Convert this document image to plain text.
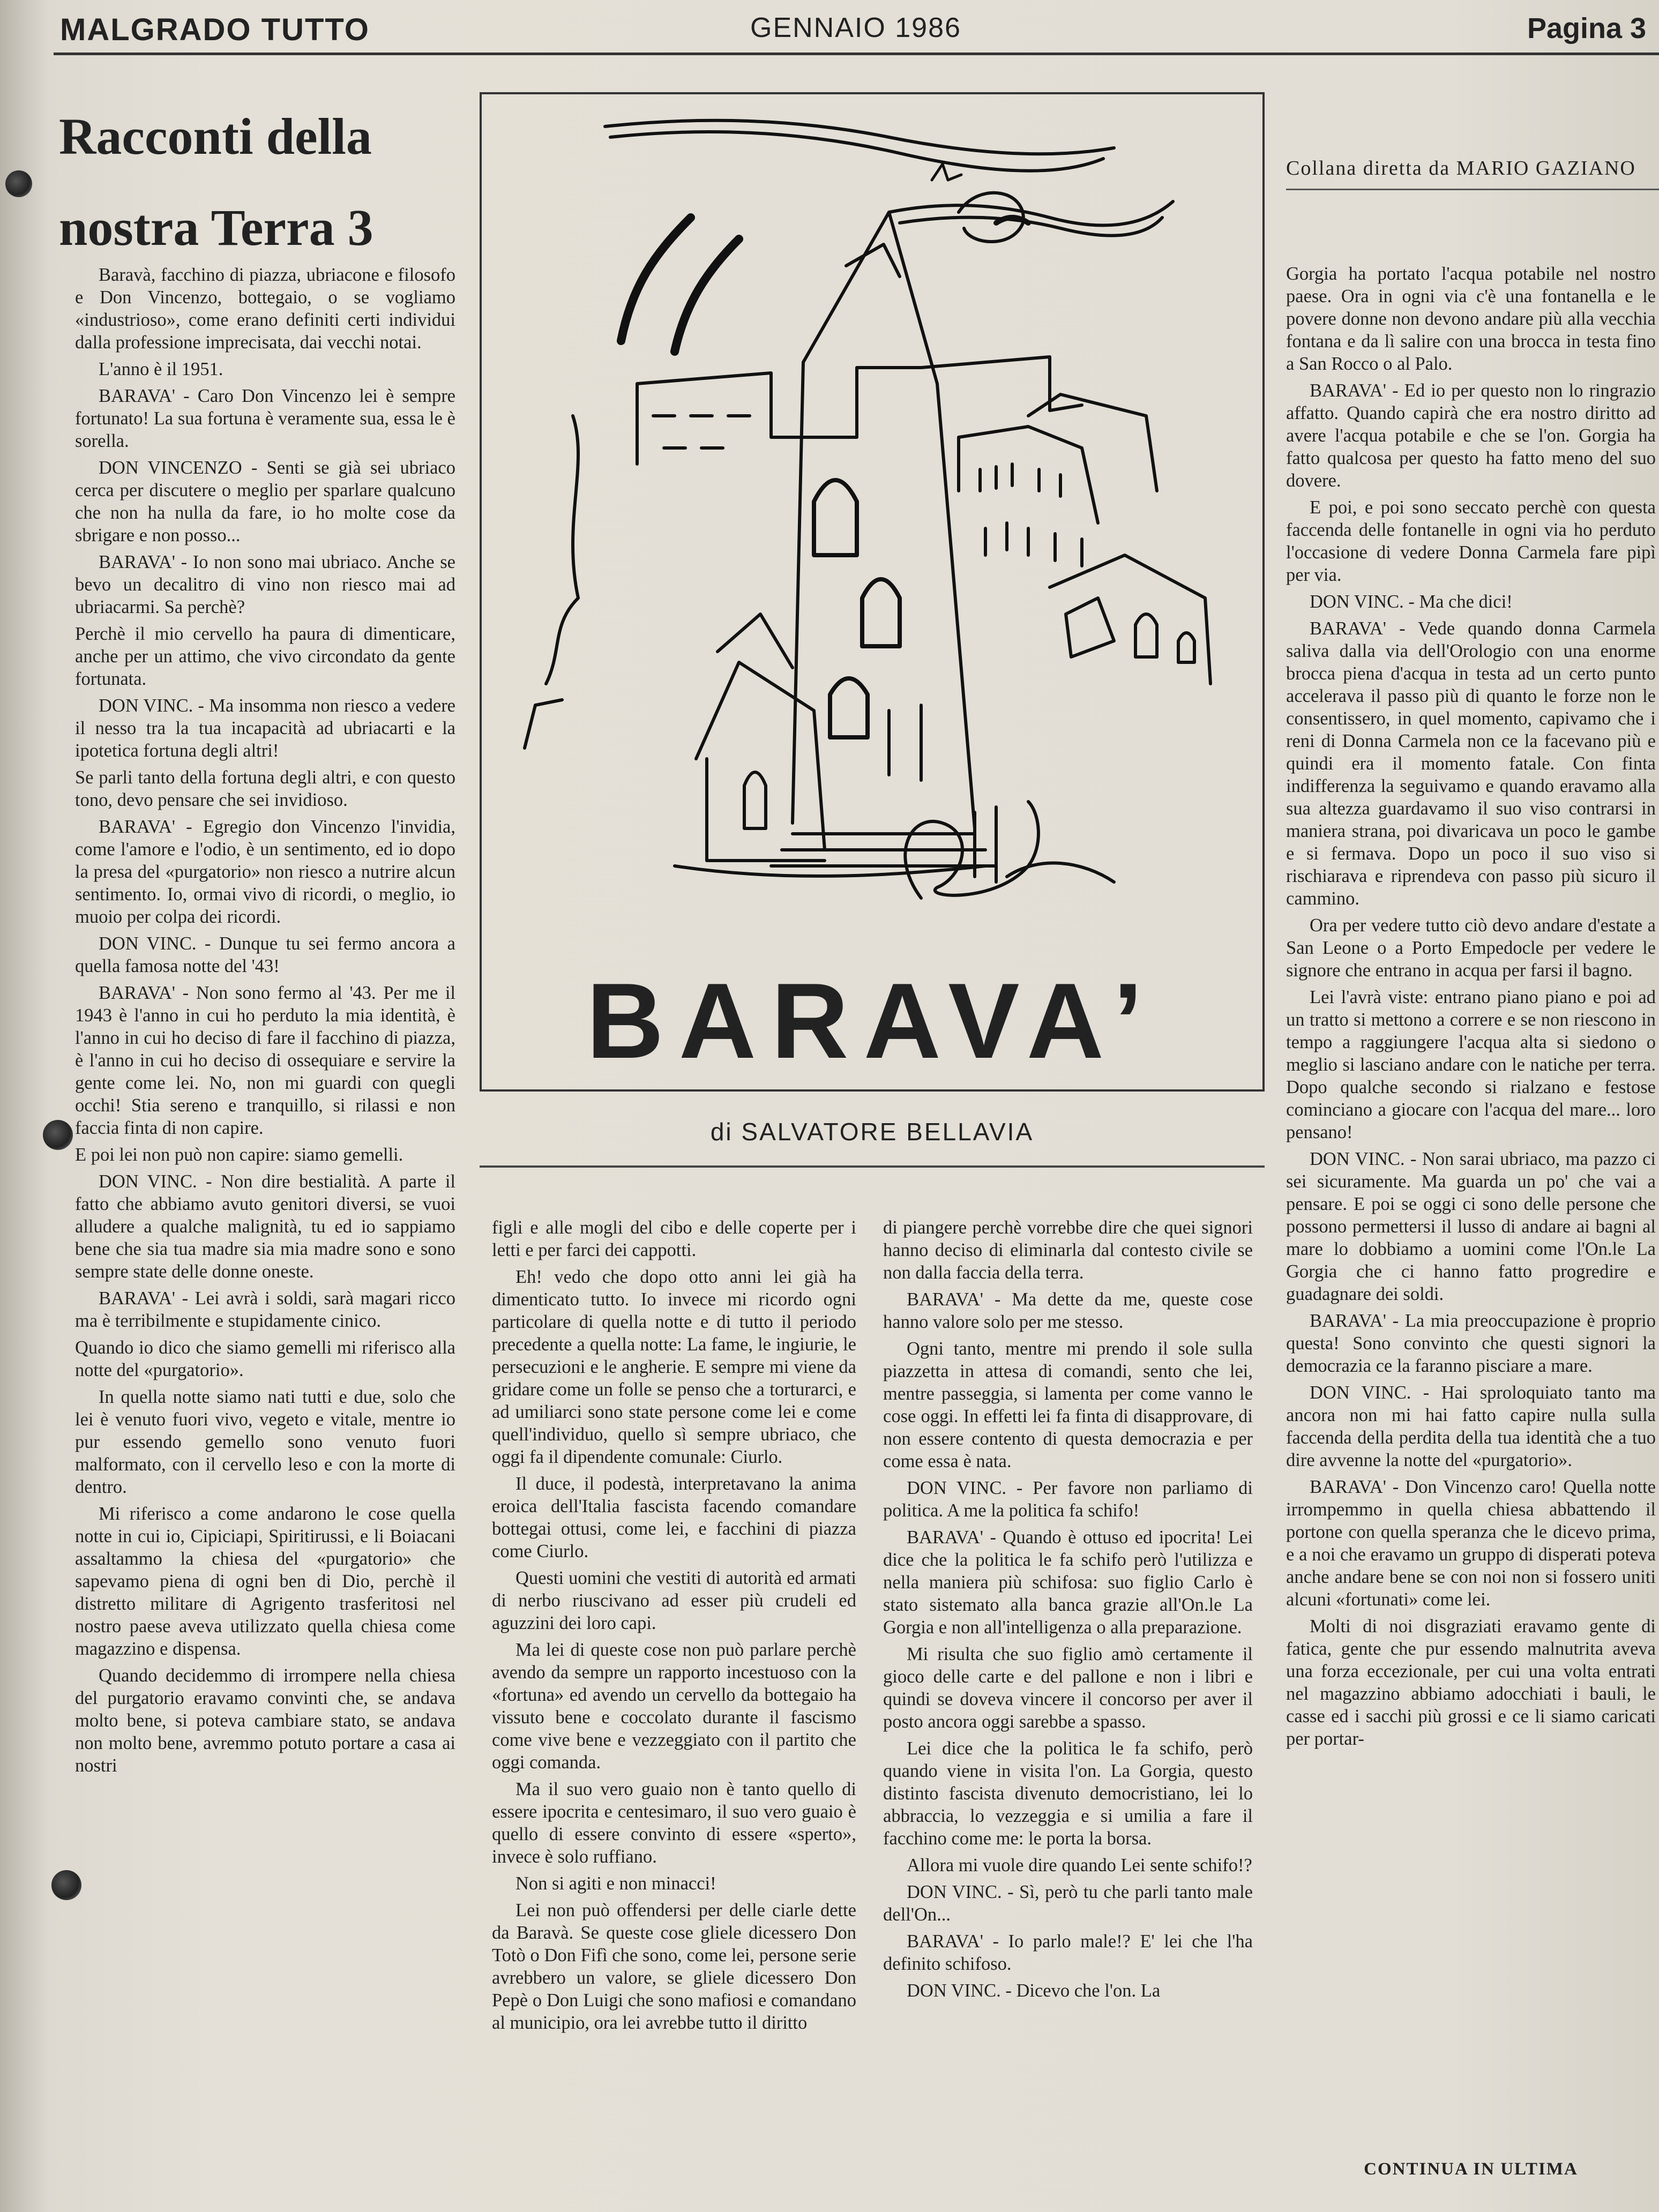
MALGRADO TUTTO	GENNAIO 1986	Pagina 3
Racconti della
nostra Terra 3

Baravà, facchino di piazza, ubriacone e filosofo e Don Vincenzo, bottegaio, o se vogliamo «industrioso», come erano definiti certi individui dalla professione imprecisata, dai vecchi notai.

L'anno è il 1951.

BARAVA' - Caro Don Vincenzo lei è sempre fortunato! La sua fortuna è veramente sua, essa le è sorella.

DON VINCENZO - Senti se già sei ubriaco cerca per discutere o meglio per sparlare qualcuno che non ha nulla da fare, io ho molte cose da sbrigare e non posso...

BARAVA' - Io non sono mai ubriaco. Anche se bevo un decalitro di vino non riesco mai ad ubriacarmi. Sa perchè?

Perchè il mio cervello ha paura di dimenticare, anche per un attimo, che vivo circondato da gente fortunata.

DON VINC. - Ma insomma non riesco a vedere il nesso tra la tua incapacità ad ubriacarti e la ipotetica fortuna degli altri!

Se parli tanto della fortuna degli altri, e con questo tono, devo pensare che sei invidioso.

BARAVA' - Egregio don Vincenzo l'invidia, come l'amore e l'odio, è un sentimento, ed io dopo la presa del «purgatorio» non riesco a nutrire alcun sentimento. Io, ormai vivo di ricordi, o meglio, io muoio per colpa dei ricordi.

DON VINC. - Dunque tu sei fermo ancora a quella famosa notte del '43!

BARAVA' - Non sono fermo al '43. Per me il 1943 è l'anno in cui ho perduto la mia identità, è l'anno in cui ho deciso di fare il facchino di piazza, è l'anno in cui ho deciso di ossequiare e servire la gente come lei. No, non mi guardi con quegli occhi! Stia sereno e tranquillo, si rilassi e non faccia finta di non capire.

E poi lei non può non capire: siamo gemelli.

DON VINC. - Non dire bestialità. A parte il fatto che abbiamo avuto genitori diversi, se vuoi alludere a qualche malignità, tu ed io sappiamo bene che sia tua madre sia mia madre sono e sono sempre state delle donne oneste.

BARAVA' - Lei avrà i soldi, sarà magari ricco ma è terribilmente e stupidamente cinico.

Quando io dico che siamo gemelli mi riferisco alla notte del «purgatorio».

In quella notte siamo nati tutti e due, solo che lei è venuto fuori vivo, vegeto e vitale, mentre io pur essendo gemello sono venuto fuori malformato, con il cervello leso e con la morte di dentro.

Mi riferisco a come andarono le cose quella notte in cui io, Cipiciapi, Spiritirussi, e li Boiacani assaltammo la chiesa del «purgatorio» che sapevamo piena di ogni ben di Dio, perchè il distretto militare di Agrigento trasferitosi nel nostro paese aveva utilizzato quella chiesa come magazzino e dispensa.

Quando decidemmo di irrompere nella chiesa del purgatorio eravamo convinti che, se andava molto bene, si poteva cambiare stato, se andava non molto bene, avremmo potuto portare a casa ai nostri

BARAVA’
di SALVATORE BELLAVIA

figli e alle mogli del cibo e delle coperte per i letti e per farci dei cappotti.

Eh! vedo che dopo otto anni lei già ha dimenticato tutto. Io invece mi ricordo ogni particolare di quella notte e di tutto il periodo precedente a quella notte: La fame, le ingiurie, le persecuzioni e le angherie. E sempre mi viene da gridare come un folle se penso che a torturarci, e ad umiliarci sono state persone come lei e come quell'individuo, quello sì sempre ubriaco, che oggi fa il dipendente comunale: Ciurlo.

Il duce, il podestà, interpretavano la anima eroica dell'Italia fascista facendo comandare bottegai ottusi, come lei, e facchini di piazza come Ciurlo.

Questi uomini che vestiti di autorità ed armati di nerbo riuscivano ad esser più crudeli ed aguzzini dei loro capi.

Ma lei di queste cose non può parlare perchè avendo da sempre un rapporto incestuoso con la «fortuna» ed avendo un cervello da bottegaio ha vissuto bene e coccolato durante il fascismo come vive bene e vezzeggiato con il partito che oggi comanda.

Ma il suo vero guaio non è tanto quello di essere ipocrita e centesimaro, il suo vero guaio è quello di essere convinto di essere «sperto», invece è solo ruffiano.

Non si agiti e non minacci!

Lei non può offendersi per delle ciarle dette da Baravà. Se queste cose gliele dicessero Don Totò o Don Fifì che sono, come lei, persone serie avrebbero un valore, se gliele dicessero Don Pepè o Don Luigi che sono mafiosi e comandano al municipio, ora lei avrebbe tutto il diritto

di piangere perchè vorrebbe dire che quei signori hanno deciso di eliminarla dal contesto civile se non dalla faccia della terra.

BARAVA' - Ma dette da me, queste cose hanno valore solo per me stesso.

Ogni tanto, mentre mi prendo il sole sulla piazzetta in attesa di comandi, sento che lei, mentre passeggia, si lamenta per come vanno le cose oggi. In effetti lei fa finta di disapprovare, di non essere contento di questa democrazia e per come essa è nata.

DON VINC. - Per favore non parliamo di politica. A me la politica fa schifo!

BARAVA' - Quando è ottuso ed ipocrita! Lei dice che la politica le fa schifo però l'utilizza e nella maniera più schifosa: suo figlio Carlo è stato sistemato alla banca grazie all'On.le La Gorgia e non all'intelligenza o alla preparazione.

Mi risulta che suo figlio amò certamente il gioco delle carte e del pallone e non i libri e quindi se doveva vincere il concorso per aver il posto ancora oggi sarebbe a spasso.

Lei dice che la politica le fa schifo, però quando viene in visita l'on. La Gorgia, questo distinto fascista divenuto democristiano, lei lo abbraccia, lo vezzeggia e si umilia a fare il facchino come me: le porta la borsa.

Allora mi vuole dire quando Lei sente schifo!?

DON VINC. - Sì, però tu che parli tanto male dell'On...

BARAVA' - Io parlo male!? E' lei che l'ha definito schifoso.

DON VINC. - Dicevo che l'on. La

Collana diretta da MARIO GAZIANO

Gorgia ha portato l'acqua potabile nel nostro paese. Ora in ogni via c'è una fontanella e le povere donne non devono andare più alla vecchia fontana e da lì salire con una brocca in testa fino a San Rocco o al Palo.

BARAVA' - Ed io per questo non lo ringrazio affatto. Quando capirà che era nostro diritto ad avere l'acqua potabile e che se l'on. Gorgia ha fatto qualcosa per questo ha fatto meno del suo dovere.

E poi, e poi sono seccato perchè con questa faccenda delle fontanelle in ogni via ho perduto l'occasione di vedere Donna Carmela fare pipì per via.

DON VINC. - Ma che dici!

BARAVA' - Vede quando donna Carmela saliva dalla via dell'Orologio con una enorme brocca piena d'acqua in testa ad un certo punto accelerava il passo più di quanto le forze non le consentissero, in quel momento, capivamo che i reni di Donna Carmela non ce la facevano più e quindi era il momento fatale. Con finta indifferenza la seguivamo e quando eravamo alla sua altezza guardavamo il suo viso contrarsi in maniera strana, poi divaricava un poco le gambe e si fermava. Dopo un poco il suo viso si rischiarava e riprendeva con passo più sicuro il cammino.

Ora per vedere tutto ciò devo andare d'estate a San Leone o a Porto Empedocle per vedere le signore che entrano in acqua per farsi il bagno.

Lei l'avrà viste: entrano piano piano e poi ad un tratto si mettono a correre e se non riescono in tempo a raggiungere l'acqua alta si siedono o meglio si lasciano andare con le natiche per terra. Dopo qualche secondo si rialzano e festose cominciano a giocare con l'acqua del mare... loro pensano!

DON VINC. - Non sarai ubriaco, ma pazzo ci sei sicuramente. Ma guarda un po' che vai a pensare. E poi se oggi ci sono delle persone che possono permettersi il lusso di andare ai bagni al mare lo dobbiamo a uomini come l'On.le La Gorgia che ci hanno fatto progredire e guadagnare dei soldi.

BARAVA' - La mia preoccupazione è proprio questa! Sono convinto che questi signori la democrazia ce la faranno pisciare a mare.

DON VINC. - Hai sproloquiato tanto ma ancora non mi hai fatto capire nulla sulla faccenda della perdita della tua identità che a tuo dire avvenne la notte del «purgatorio».

BARAVA' - Don Vincenzo caro! Quella notte irrompemmo in quella chiesa abbattendo il portone con quella speranza che le dicevo prima, e a noi che eravamo un gruppo di disperati poteva anche andare bene se con noi non si fossero uniti alcuni «fortunati» come lei.

Molti di noi disgraziati eravamo gente di fatica, gente che pur essendo malnutrita aveva una forza eccezionale, per cui una volta entrati nel magazzino abbiamo adocchiati i bauli, le casse ed i sacchi più grossi e ce li siamo caricati per portar-

CONTINUA IN ULTIMA
